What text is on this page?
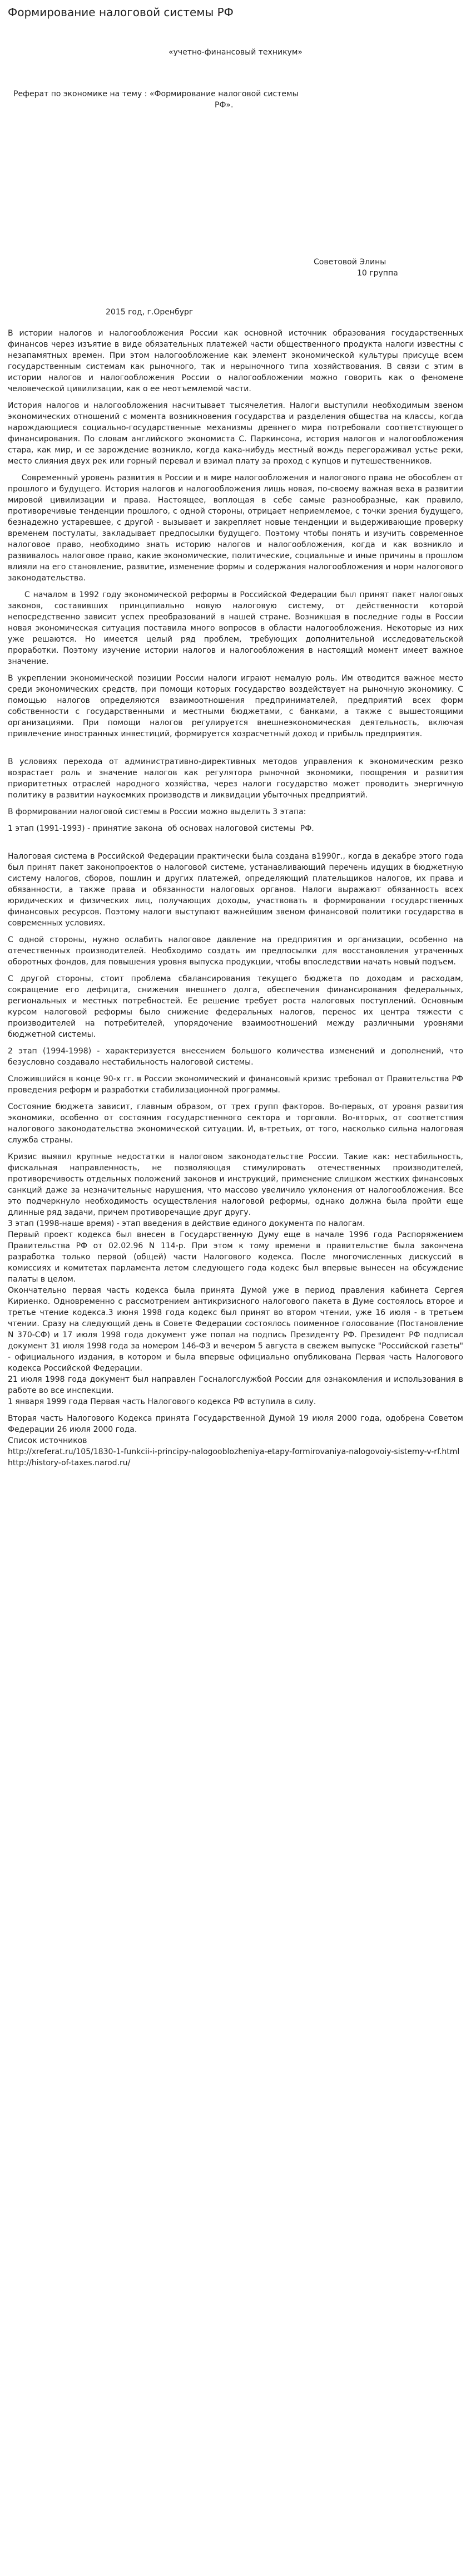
Формирование налоговой системы РФ
«учетно-финансовый техникум»

Реферат по экономике на тему : «Формирование налоговой системы

РФ».

Советовой Элины

10 группа

2015 год, г.Оренбург

В истории налогов и налогообложения России как основной источник образования государственных финансов через изъятие в виде обязательных платежей части общественного продукта налоги известны с незапамятных времен. При этом налогообложение как элемент экономической культуры присуще всем государственным системам как рыночного, так и нерыночного типа хозяйствования. В связи с этим в истории налогов и налогообложения России о налогообложении можно говорить как о феномене человеческой цивилизации, как о ее неотъемлемой части.

История налогов и налогообложения насчитывает тысячелетия. Налоги выступили необходимым звеном экономических отношений с момента возникновения государства и разделения общества на классы, когда нарождающиеся социально-государственные механизмы древнего мира потребовали соответствующего финансирования. По словам английского экономиста С. Паркинсона, история налогов и налогообложения стара, как мир, и ее зарождение возникло, когда кака-нибудь местный вождь перегораживал устье реки, место слияния двух рек или горный перевал и взимал плату за проход с купцов и путешественников.

Современный уровень развития в России и в мире налогообложения и налогового права не обособлен от прошлого и будущего. История налогов и налогообложения лишь новая, по-своему важная веха в развитии мировой цивилизации и права. Настоящее, воплощая в себе самые разнообразные, как правило, противоречивые тенденции прошлого, с одной стороны, отрицает неприемлемое, с точки зрения будущего, безнадежно устаревшее, с другой - вызывает и закрепляет новые тенденции и выдерживающие проверку временем постулаты, закладывает предпосылки будущего. Поэтому чтобы понять и изучить современное налоговое право, необходимо знать историю налогов и налогообложения, когда и как возникло и развивалось налоговое право, какие экономические, политические, социальные и иные причины в прошлом влияли на его становление, развитие, изменение формы и содержания налогообложения и норм налогового законодательства.

С началом в 1992 году экономической реформы в Российской Федерации был принят пакет налоговых законов, составивших принципиально новую налоговую систему, от действенности которой непосредственно зависит успех преобразований в нашей стране. Возникшая в последние годы в России новая экономическая ситуация поставила много вопросов в области налогообложения. Некоторые из них уже решаются. Но имеется целый ряд проблем, требующих дополнительной исследовательской проработки. Поэтому изучение истории налогов и налогообложения в настоящий момент имеет важное значение.

В укреплении экономической позиции России налоги играют немалую роль. Им отводится важное место среди экономических средств, при помощи которых государство воздействует на рыночную экономику. С помощью налогов определяются взаимоотношения предпринимателей, предприятий всех форм собственности с государственными и местными бюджетами, с банками, а также с вышестоящими организациями. При помощи налогов регулируется внешнеэкономическая деятельность, включая привлечение иностранных инвестиций, формируется хозрасчетный доход и прибыль предприятия.

В условиях перехода от административно-директивных методов управления к экономическим резко возрастает роль и значение налогов как регулятора рыночной экономики, поощрения и развития приоритетных отраслей народного хозяйства, через налоги государство может проводить энергичную политику в развитии наукоемких производств и ликвидации убыточных предприятий.

В формировании налоговой системы в России можно выделить 3 этапа:

1 этап (1991-1993) - принятие закона  об основах налоговой системы  РФ.

Налоговая система в Российской Федерации практически была создана в1990г., когда в декабре этого года был принят пакет законопроектов о налоговой системе, устанавливающий перечень идущих в бюджетную систему налогов, сборов, пошлин и других платежей, определяющий плательщиков налогов, их права и обязанности, а также права и обязанности налоговых органов. Налоги выражают обязанность всех юридических и физических лиц, получающих доходы, участвовать в формировании государственных финансовых ресурсов. Поэтому налоги выступают важнейшим звеном финансовой политики государства в современных условиях.

С одной стороны, нужно ослабить налоговое давление на предприятия и организации, особенно на отечественных производителей. Необходимо создать им предпосылки для восстановления утраченных оборотных фондов, для повышения уровня выпуска продукции, чтобы впоследствии начать новый подъем.

С другой стороны, стоит проблема сбалансирования текущего бюджета по доходам и расходам, сокращение его дефицита, снижения внешнего долга, обеспечения финансирования федеральных, региональных и местных потребностей. Ее решение требует роста налоговых поступлений. Основным курсом налоговой реформы было снижение федеральных налогов, перенос их центра тяжести с производителей на потребителей, упорядочение взаимоотношений между различными уровнями бюджетной системы.

2 этап (1994-1998) - характеризуется внесением большого количества изменений и дополнений, что безусловно создавало нестабильность налоговой системы.

Сложившийся в конце 90-х гг. в России экономический и финансовый кризис требовал от Правительства РФ проведения реформ и разработки стабилизационной программы.

Состояние бюджета зависит, главным образом, от трех групп факторов. Во-первых, от уровня развития экономики, особенно от состояния государственного сектора и торговли. Во-вторых, от соответствия налогового законодательства экономической ситуации. И, в-третьих, от того, насколько сильна налоговая служба страны.

Кризис выявил крупные недостатки в налоговом законодательстве России. Такие как: нестабильность, фискальная направленность, не позволяющая стимулировать отечественных производителей, противоречивость отдельных положений законов и инструкций, применение слишком жестких финансовых санкций даже за незначительные нарушения, что массово увеличило уклонения от налогообложения. Все это подчеркнуло необходимость осуществления налоговой реформы, однако должна была пройти еще длинные ряд задачи, причем противоречащие друг другу.

3 этап (1998-наше время) - этап введения в действие единого документа по налогам.

Первый проект кодекса был внесен в Государственную Думу еще в начале 1996 года Распоряжением Правительства РФ от 02.02.96 N 114-р. При этом к тому времени в правительстве была закончена разработка только первой (общей) части Налогового кодекса. После многочисленных дискуссий в комиссиях и комитетах парламента летом следующего года кодекс был впервые вынесен на обсуждение палаты в целом.

Окончательно первая часть кодекса была принята Думой уже в период правления кабинета Сергея Кириенко. Одновременно с рассмотрением антикризисного налогового пакета в Думе состоялось второе и третье чтение кодекса.3 июня 1998 года кодекс был принят во втором чтении, уже 16 июля - в третьем чтении. Сразу на следующий день в Совете Федерации состоялось поименное голосование (Постановление N 370-СФ) и 17 июля 1998 года документ уже попал на подпись Президенту РФ. Президент РФ подписал документ 31 июля 1998 года за номером 146-ФЗ и вечером 5 августа в свежем выпуске "Российской газеты" - официального издания, в котором и была впервые официально опубликована Первая часть Налогового кодекса Российской Федерации.

21 июля 1998 года документ был направлен Госналогслужбой России для ознакомления и использования в работе во все инспекции.

1 января 1999 года Первая часть Налогового кодекса РФ вступила в силу.

Вторая часть Налогового Кодекса принята Государственной Думой 19 июля 2000 года, одобрена Советом Федерации 26 июля 2000 года.

Список источников

http://xreferat.ru/105/1830-1-funkcii-i-principy-nalogooblozheniya-etapy-formirovaniya-nalogovoiy-sistemy-v-rf.html

http://history-of-taxes.narod.ru/
